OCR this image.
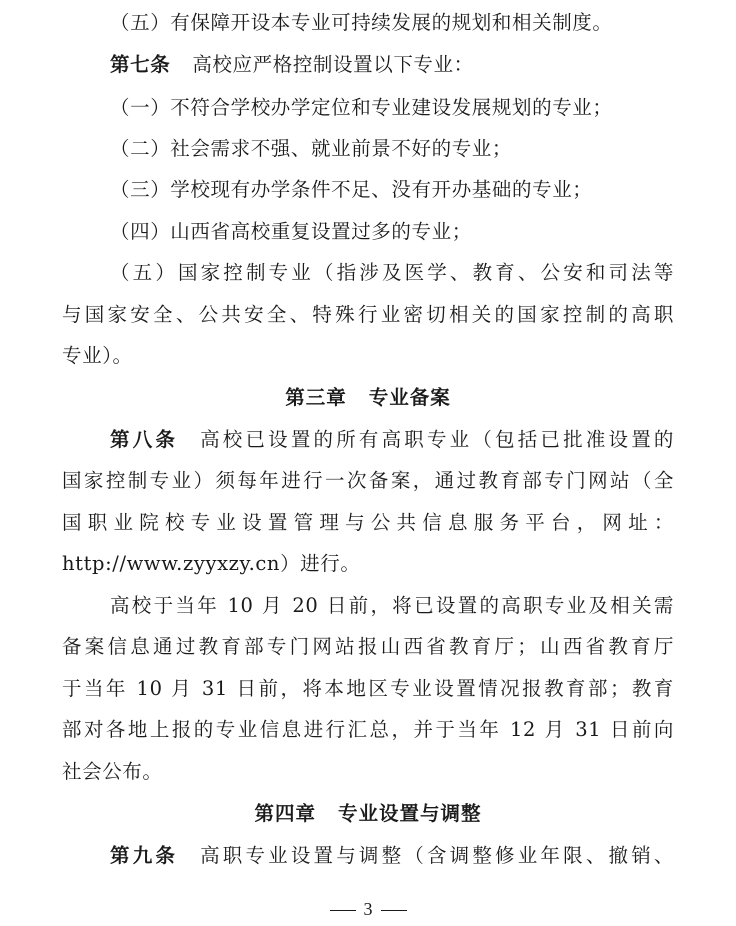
（五）有保障开设本专业可持续发展的规划和相关制度。
第七条 高校应严格控制设置以下专业：
（一）不符合学校办学定位和专业建设发展规划的专业；
（二）社会需求不强、就业前景不好的专业；
（三）学校现有办学条件不足、没有开办基础的专业；
（四）山西省高校重复设置过多的专业；
（五）国家控制专业（指涉及医学、教育、公安和司法等
与国家安全、公共安全、特殊行业密切相关的国家控制的高职
专业）。
第三章 专业备案
第八条 高校已设置的所有高职专业（包括已批准设置的
国家控制专业）须每年进行一次备案，通过教育部专门网站（全
国职业院校专业设置管理与公共信息服务平台，网址：
http://www.zyyxzy.cn）进行。
高校于当年 10 月 20 日前，将已设置的高职专业及相关需
备案信息通过教育部专门网站报山西省教育厅；山西省教育厅
于当年 10 月 31 日前，将本地区专业设置情况报教育部；教育
部对各地上报的专业信息进行汇总，并于当年 12 月 31 日前向
社会公布。
第四章 专业设置与调整
第九条 高职专业设置与调整（含调整修业年限、撤销、
3
